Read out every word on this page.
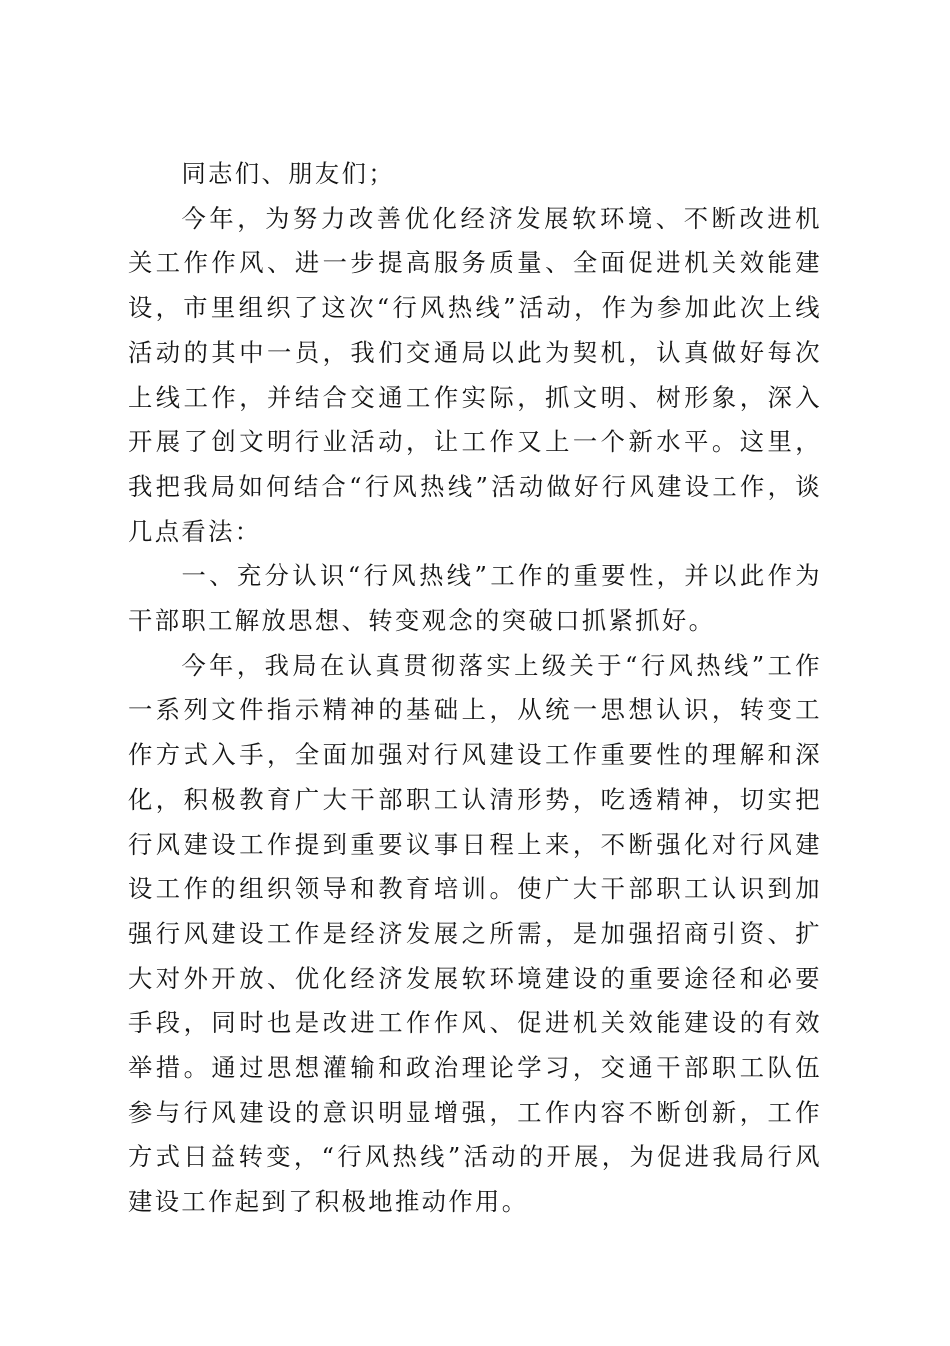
同志们、朋友们；

今年，为努力改善优化经济发展软环境、不断改进机关工作作风、进一步提高服务质量、全面促进机关效能建设，市里组织了这次“行风热线”活动，作为参加此次上线活动的其中一员，我们交通局以此为契机，认真做好每次上线工作，并结合交通工作实际，抓文明、树形象，深入开展了创文明行业活动，让工作又上一个新水平。这里，我把我局如何结合“行风热线”活动做好行风建设工作，谈几点看法：

一、充分认识“行风热线”工作的重要性，并以此作为干部职工解放思想、转变观念的突破口抓紧抓好。

今年，我局在认真贯彻落实上级关于“行风热线”工作一系列文件指示精神的基础上，从统一思想认识，转变工作方式入手，全面加强对行风建设工作重要性的理解和深化，积极教育广大干部职工认清形势，吃透精神，切实把行风建设工作提到重要议事日程上来，不断强化对行风建设工作的组织领导和教育培训。使广大干部职工认识到加强行风建设工作是经济发展之所需，是加强招商引资、扩大对外开放、优化经济发展软环境建设的重要途径和必要手段，同时也是改进工作作风、促进机关效能建设的有效举措。通过思想灌输和政治理论学习，交通干部职工队伍参与行风建设的意识明显增强，工作内容不断创新，工作方式日益转变，“行风热线”活动的开展，为促进我局行风建设工作起到了积极地推动作用。
